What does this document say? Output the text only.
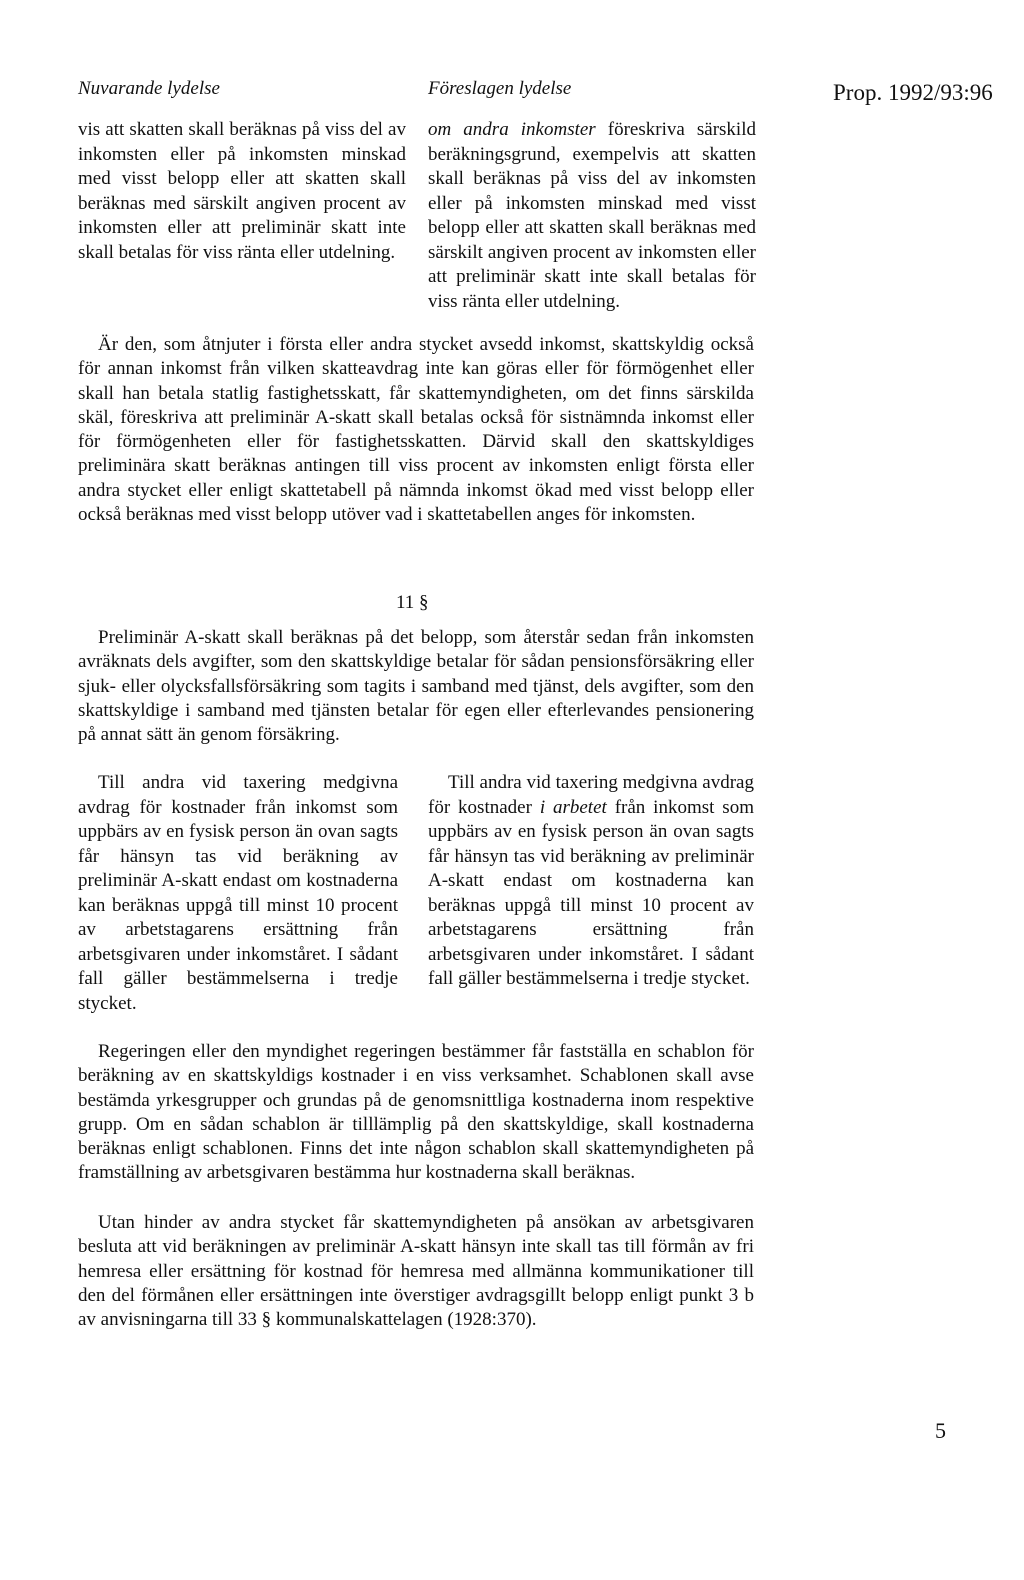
Nuvarande lydelse	Föreslagen lydelse	Prop. 1992/93:96

vis att skatten skall beräknas på viss del av inkomsten eller på inkomsten minskad med visst belopp eller att skatten skall beräknas med särskilt angiven procent av inkomsten eller att preliminär skatt inte skall betalas för viss ränta eller utdelning.

om andra inkomster föreskriva särskild beräkningsgrund, exempelvis att skatten skall beräknas på viss del av inkomsten eller på inkomsten minskad med visst belopp eller att skatten skall beräknas med särskilt angiven procent av inkomsten eller att preliminär skatt inte skall betalas för viss ränta eller utdelning.

Är den, som åtnjuter i första eller andra stycket avsedd inkomst, skattskyldig också för annan inkomst från vilken skatteavdrag inte kan göras eller för förmögenhet eller skall han betala statlig fastighetsskatt, får skattemyndigheten, om det finns särskilda skäl, föreskriva att preliminär A-skatt skall betalas också för sistnämnda inkomst eller för förmögenheten eller för fastighetsskatten. Därvid skall den skattskyldiges preliminära skatt beräknas antingen till viss procent av inkomsten enligt första eller andra stycket eller enligt skattetabell på nämnda inkomst ökad med visst belopp eller också beräknas med visst belopp utöver vad i skattetabellen anges för inkomsten.

11 §

Preliminär A-skatt skall beräknas på det belopp, som återstår sedan från inkomsten avräknats dels avgifter, som den skattskyldige betalar för sådan pensionsförsäkring eller sjuk- eller olycksfallsförsäkring som tagits i samband med tjänst, dels avgifter, som den skattskyldige i samband med tjänsten betalar för egen eller efterlevandes pensionering på annat sätt än genom försäkring.

Till andra vid taxering medgivna avdrag för kostnader från inkomst som uppbärs av en fysisk person än ovan sagts får hänsyn tas vid beräkning av preliminär A-skatt endast om kostnaderna kan beräknas uppgå till minst 10 procent av arbetstagarens ersättning från arbetsgivaren under inkomståret. I sådant fall gäller bestämmelserna i tredje stycket.

Till andra vid taxering medgivna avdrag för kostnader i arbetet från inkomst som uppbärs av en fysisk person än ovan sagts får hänsyn tas vid beräkning av preliminär A-skatt endast om kostnaderna kan beräknas uppgå till minst 10 procent av arbetstagarens ersättning från arbetsgivaren under inkomståret. I sådant fall gäller bestämmelserna i tredje stycket.

Regeringen eller den myndighet regeringen bestämmer får fastställa en schablon för beräkning av en skattskyldigs kostnader i en viss verksamhet. Schablonen skall avse bestämda yrkesgrupper och grundas på de genomsnittliga kostnaderna inom respektive grupp. Om en sådan schablon är tilllämplig på den skattskyldige, skall kostnaderna beräknas enligt schablonen. Finns det inte någon schablon skall skattemyndigheten på framställning av arbetsgivaren bestämma hur kostnaderna skall beräknas.

Utan hinder av andra stycket får skattemyndigheten på ansökan av arbetsgivaren besluta att vid beräkningen av preliminär A-skatt hänsyn inte skall tas till förmån av fri hemresa eller ersättning för kostnad för hemresa med allmänna kommunikationer till den del förmånen eller ersättningen inte överstiger avdragsgillt belopp enligt punkt 3 b av anvisningarna till 33 § kommunalskattelagen (1928:370).

5
